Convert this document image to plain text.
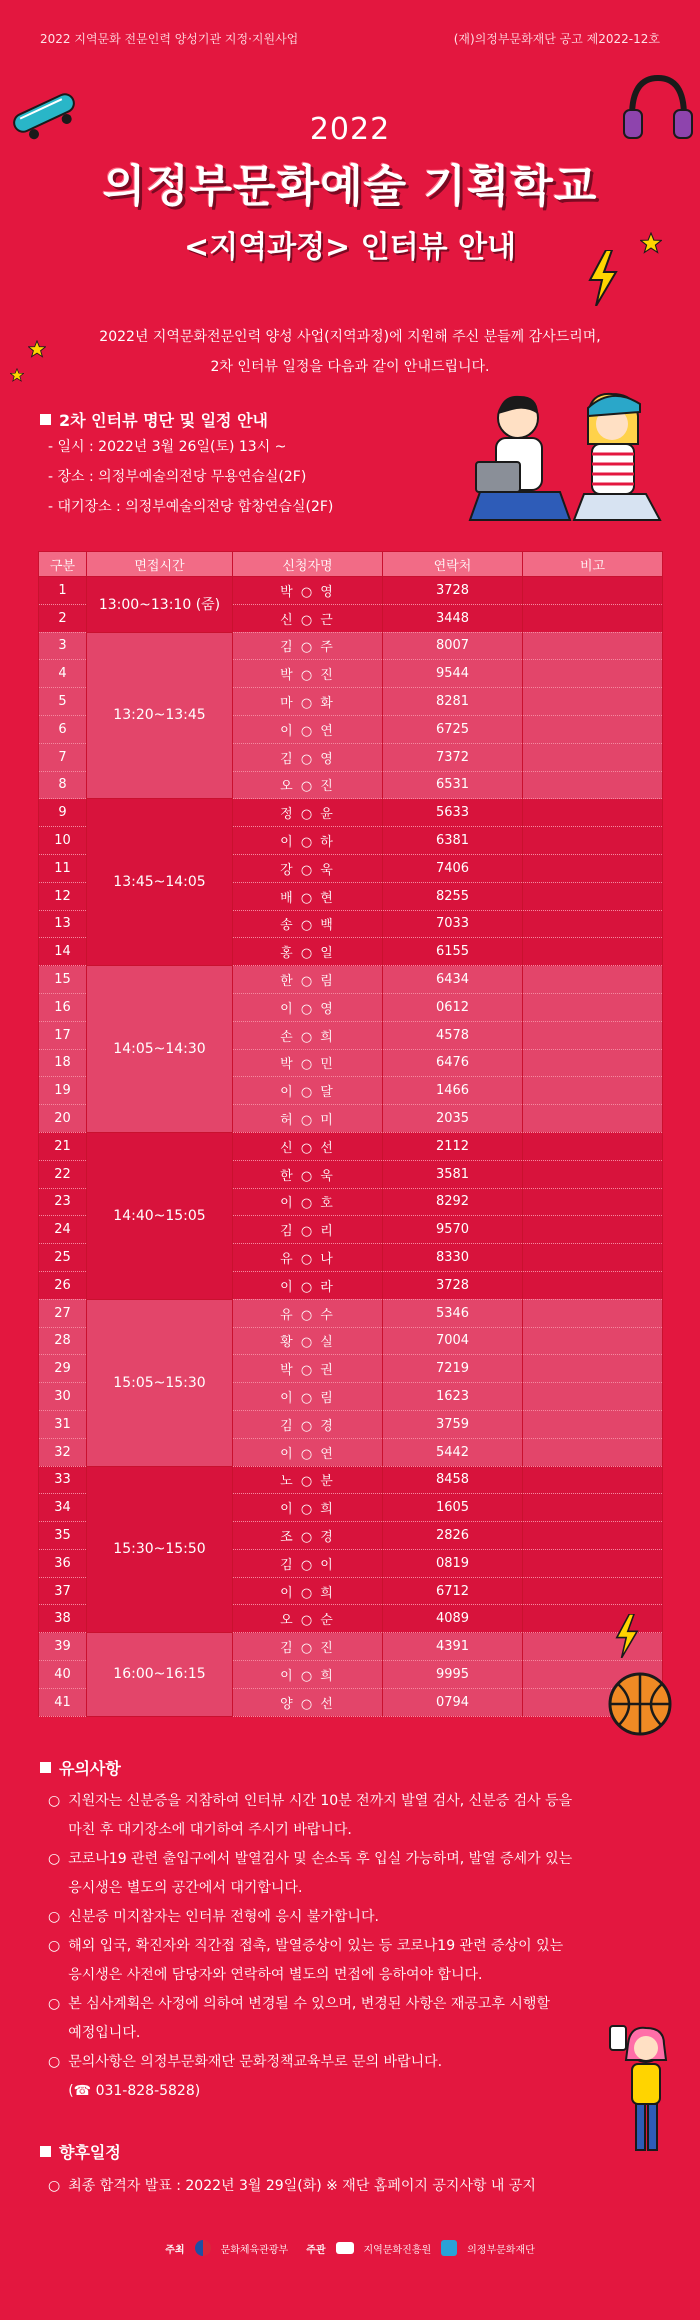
2022 지역문화 전문인력 양성기관 지정·지원사업	(재)의정부문화재단 공고 제2022-12호
2022
의정부문화예술 기획학교
<지역과정> 인터뷰 안내
2022년 지역문화전문인력 양성 사업(지역과정)에 지원해 주신 분들께 감사드리며,
2차 인터뷰 일정을 다음과 같이 안내드립니다.
2차 인터뷰 명단 및 일정 안내
- 일시 : 2022년 3월 26일(토) 13시 ~
- 장소 : 의정부예술의전당 무용연습실(2F)
- 대기장소 : 의정부예술의전당 합창연습실(2F)
구분	면접시간	신청자명	연락처	비고
1	13:00~13:10 (줌)	박 ○ 영	3728	
2		신 ○ 근	3448	
3	13:20~13:45	김 ○ 주	8007	
4		박 ○ 진	9544	
5		마 ○ 화	8281	
6		이 ○ 연	6725	
7		김 ○ 영	7372	
8		오 ○ 진	6531	
9	13:45~14:05	정 ○ 윤	5633	
10		이 ○ 하	6381	
11		강 ○ 욱	7406	
12		배 ○ 현	8255	
13		송 ○ 백	7033	
14		홍 ○ 일	6155	
15	14:05~14:30	한 ○ 림	6434	
16		이 ○ 영	0612	
17		손 ○ 희	4578	
18		박 ○ 민	6476	
19		이 ○ 달	1466	
20		허 ○ 미	2035	
21	14:40~15:05	신 ○ 선	2112	
22		한 ○ 욱	3581	
23		이 ○ 호	8292	
24		김 ○ 리	9570	
25		유 ○ 나	8330	
26		이 ○ 라	3728	
27	15:05~15:30	유 ○ 수	5346	
28		황 ○ 실	7004	
29		박 ○ 권	7219	
30		이 ○ 림	1623	
31		김 ○ 경	3759	
32		이 ○ 연	5442	
33	15:30~15:50	노 ○ 분	8458	
34		이 ○ 희	1605	
35		조 ○ 경	2826	
36		김 ○ 이	0819	
37		이 ○ 희	6712	
38		오 ○ 순	4089	
39	16:00~16:15	김 ○ 진	4391	
40		이 ○ 희	9995	
41		양 ○ 선	0794	
유의사항
○ 지원자는 신분증을 지참하여 인터뷰 시간 10분 전까지 발열 검사, 신분증 검사 등을
마친 후 대기장소에 대기하여 주시기 바랍니다.
○ 코로나19 관련 출입구에서 발열검사 및 손소독 후 입실 가능하며, 발열 증세가 있는
응시생은 별도의 공간에서 대기합니다.
○ 신분증 미지참자는 인터뷰 전형에 응시 불가합니다.
○ 해외 입국, 확진자와 직간접 접촉, 발열증상이 있는 등 코로나19 관련 증상이 있는
응시생은 사전에 담당자와 연락하여 별도의 면접에 응하여야 합니다.
○ 본 심사계획은 사정에 의하여 변경될 수 있으며, 변경된 사항은 재공고후 시행할
예정입니다.
○ 문의사항은 의정부문화재단 문화정책교육부로 문의 바랍니다.
(☎ 031-828-5828)
향후일정
○ 최종 합격자 발표 : 2022년 3월 29일(화) ※ 재단 홈페이지 공지사항 내 공지
주최	문화체육관광부 주관	지역문화진흥원	의정부문화재단
